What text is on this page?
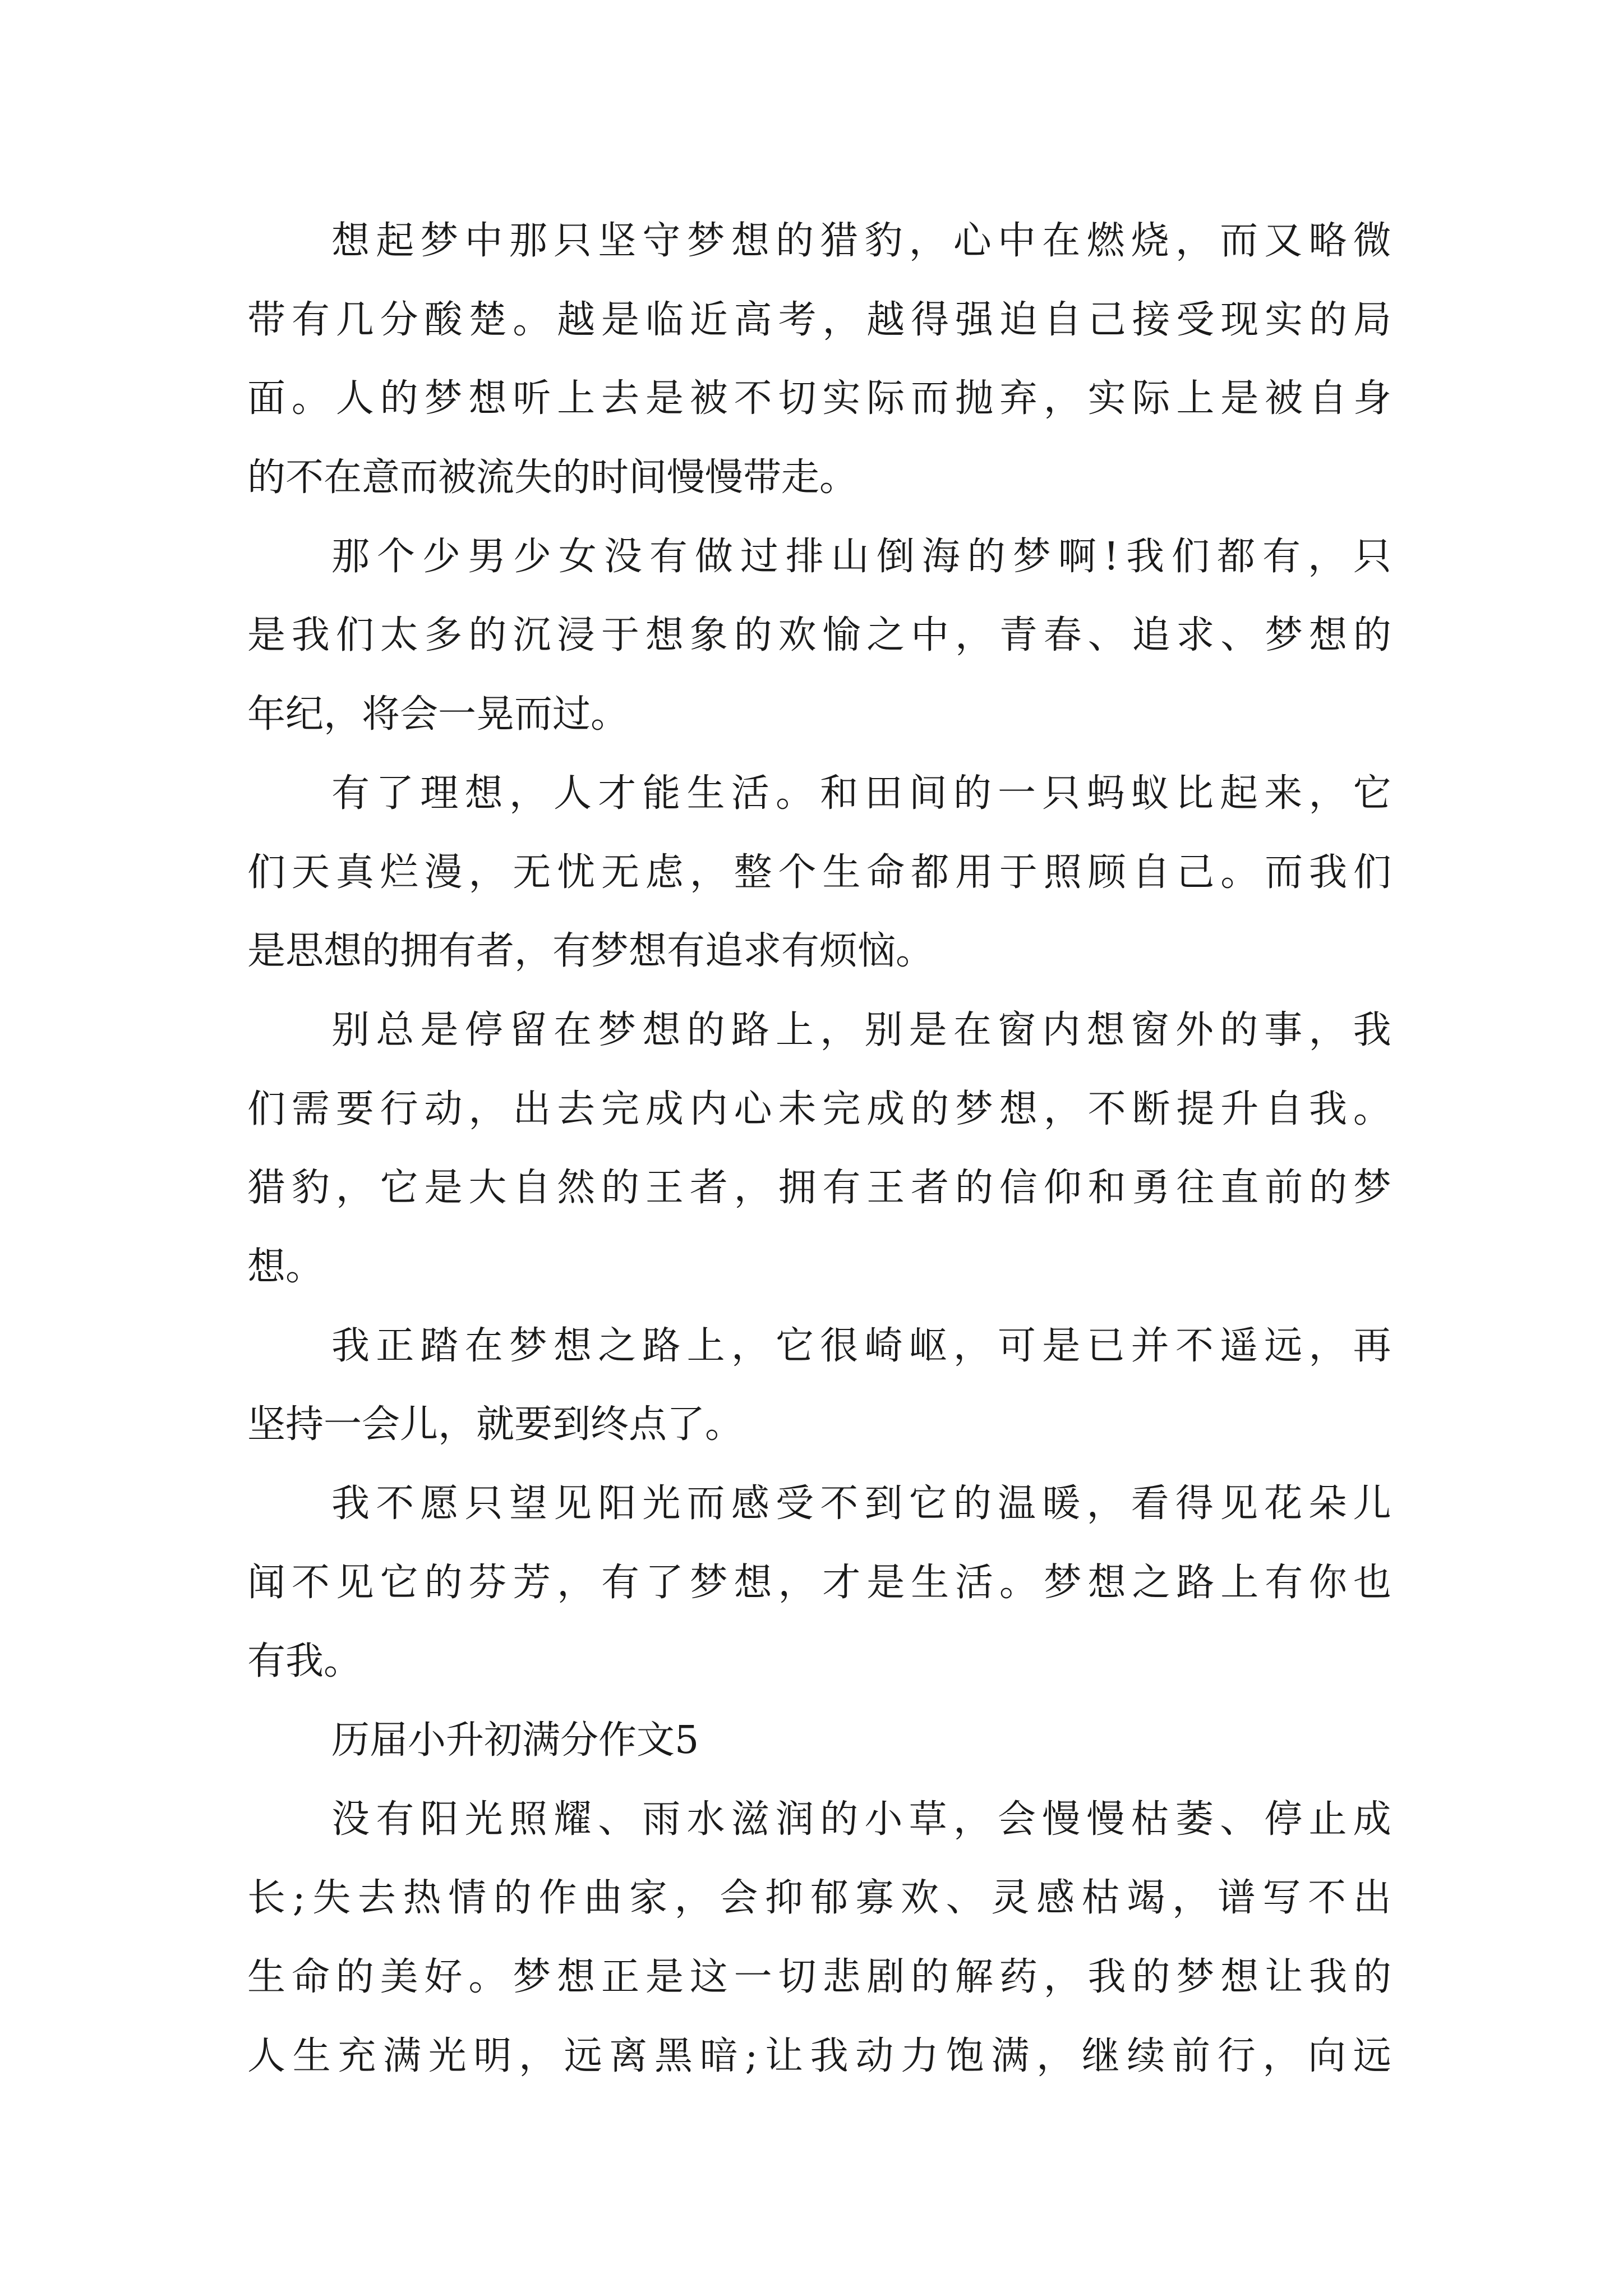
想 起 梦 中 那 只 坚 守 梦 想 的 猎 豹 ， 心 中 在 燃 烧 ， 而 又 略 微
带 有 几 分 酸 楚 。 越 是 临 近 高 考 ， 越 得 强 迫 自 己 接 受 现 实 的 局
面 。 人 的 梦 想 听 上 去 是 被 不 切 实 际 而 抛 弃 ， 实 际 上 是 被 自 身
的不在意而被流失的时间慢慢带走。
那 个 少 男 少 女 没 有 做 过 排 山 倒 海 的 梦 啊 ! 我 们 都 有 ， 只
是 我 们 太 多 的 沉 浸 于 想 象 的 欢 愉 之 中 ， 青 春 、 追 求 、 梦 想 的
年纪，将会一晃而过。
有 了 理 想 ， 人 才 能 生 活 。 和 田 间 的 一 只 蚂 蚁 比 起 来 ， 它
们 天 真 烂 漫 ， 无 忧 无 虑 ， 整 个 生 命 都 用 于 照 顾 自 己 。 而 我 们
是思想的拥有者，有梦想有追求有烦恼。
别 总 是 停 留 在 梦 想 的 路 上 ， 别 是 在 窗 内 想 窗 外 的 事 ， 我
们 需 要 行 动 ， 出 去 完 成 内 心 未 完 成 的 梦 想 ， 不 断 提 升 自 我 。
猎 豹 ， 它 是 大 自 然 的 王 者 ， 拥 有 王 者 的 信 仰 和 勇 往 直 前 的 梦
想。
我 正 踏 在 梦 想 之 路 上 ， 它 很 崎 岖 ， 可 是 已 并 不 遥 远 ， 再
坚持一会儿，就要到终点了。
我 不 愿 只 望 见 阳 光 而 感 受 不 到 它 的 温 暖 ， 看 得 见 花 朵 儿
闻 不 见 它 的 芬 芳 ， 有 了 梦 想 ， 才 是 生 活 。 梦 想 之 路 上 有 你 也
有我。
历届小升初满分作文5
没 有 阳 光 照 耀 、 雨 水 滋 润 的 小 草 ， 会 慢 慢 枯 萎 、 停 止 成
长 ; 失 去 热 情 的 作 曲 家 ， 会 抑 郁 寡 欢 、 灵 感 枯 竭 ， 谱 写 不 出
生 命 的 美 好 。 梦 想 正 是 这 一 切 悲 剧 的 解 药 ， 我 的 梦 想 让 我 的
人 生 充 满 光 明 ， 远 离 黑 暗 ; 让 我 动 力 饱 满 ， 继 续 前 行 ， 向 远
